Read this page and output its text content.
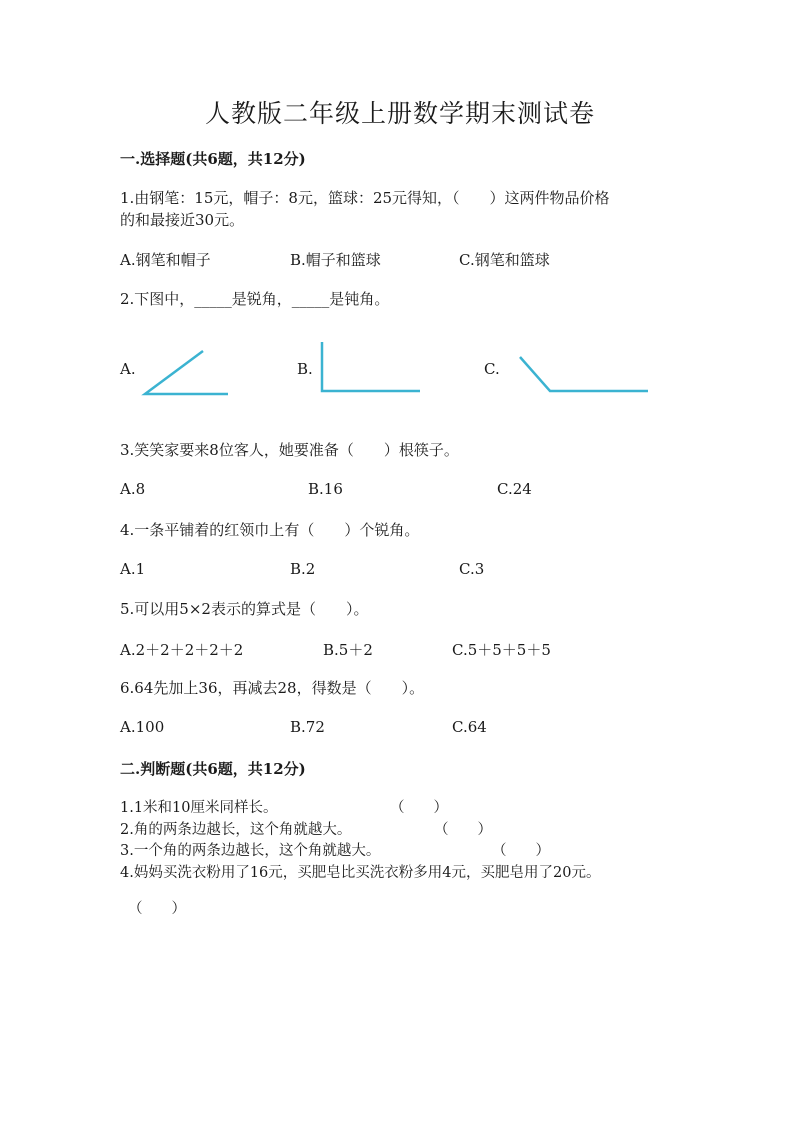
人教版二年级上册数学期末测试卷
一.选择题(共6题，共12分)
1.由钢笔：15元，帽子：8元，篮球：25元得知，（　　）这两件物品价格
的和最接近30元。
A.钢笔和帽子	B.帽子和篮球	C.钢笔和篮球
2.下图中，_____是锐角，_____是钝角。
A.	B.	C.
3.笑笑家要来8位客人，她要准备（　　）根筷子。
A.8	B.16	C.24
4.一条平铺着的红领巾上有（　　）个锐角。
A.1	B.2	C.3
5.可以用5×2表示的算式是（　　）。
A.2＋2＋2＋2＋2	B.5＋2	C.5＋5＋5＋5
6.64先加上36，再减去28，得数是（　　）。
A.100	B.72	C.64
二.判断题(共6题，共12分)
1.1米和10厘米同样长。	（　　）
2.角的两条边越长，这个角就越大。	（　　）
3.一个角的两条边越长，这个角就越大。	（　　）
4.妈妈买洗衣粉用了16元，买肥皂比买洗衣粉多用4元，买肥皂用了20元。
（　　）
